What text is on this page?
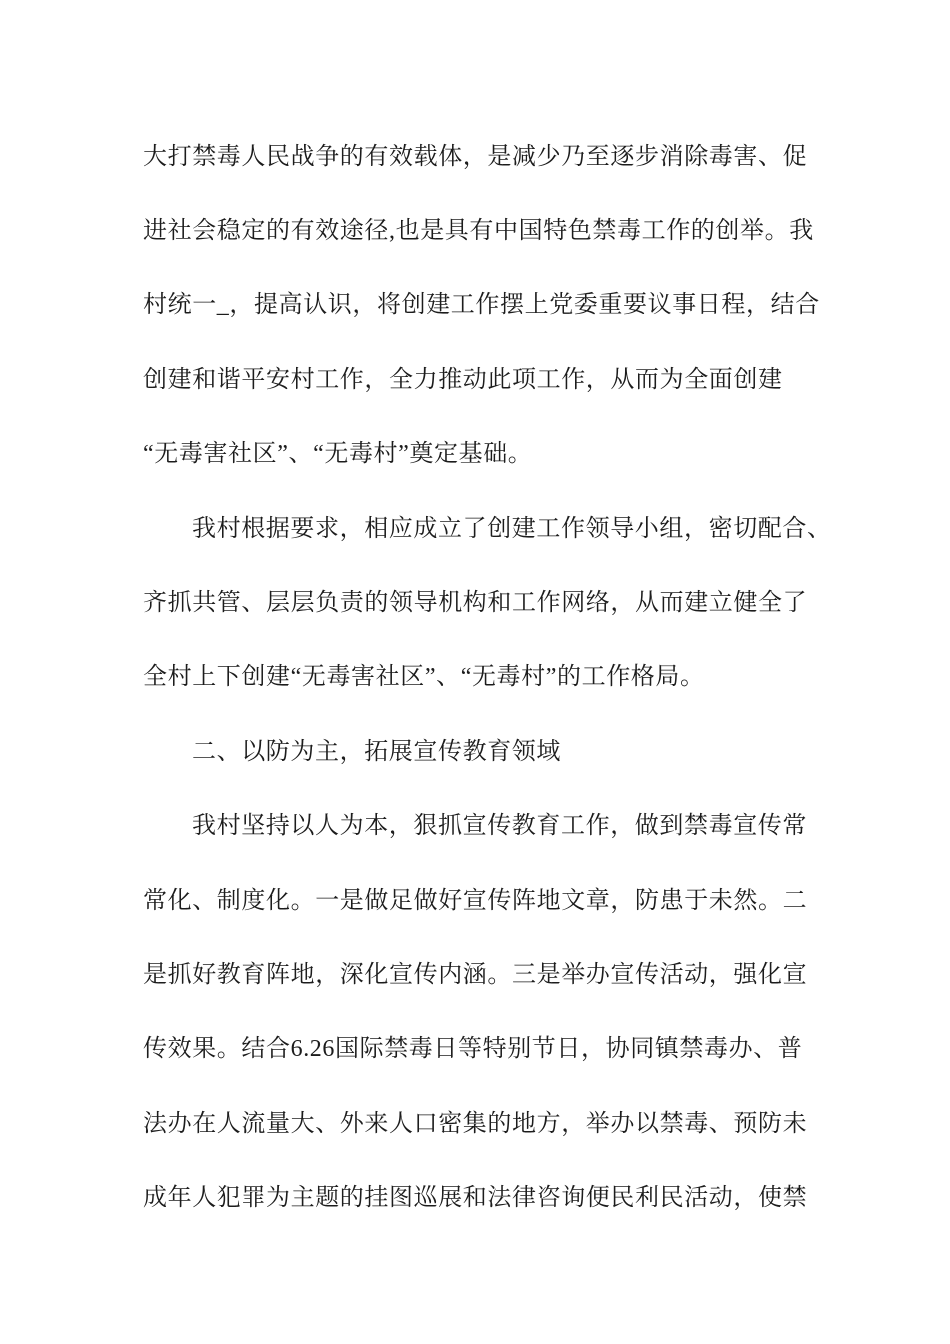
大打禁毒人民战争的有效载体，是减少乃至逐步消除毒害、促
进社会稳定的有效途径,也是具有中国特色禁毒工作的创举。我
村统一_，提高认识，将创建工作摆上党委重要议事日程，结合
创建和谐平安村工作，全力推动此项工作，从而为全面创建
“无毒害社区”、“无毒村”奠定基础。
我村根据要求，相应成立了创建工作领导小组，密切配合、
齐抓共管、层层负责的领导机构和工作网络，从而建立健全了
全村上下创建“无毒害社区”、“无毒村”的工作格局。
二、以防为主，拓展宣传教育领域
我村坚持以人为本，狠抓宣传教育工作，做到禁毒宣传常
常化、制度化。一是做足做好宣传阵地文章，防患于未然。二
是抓好教育阵地，深化宣传内涵。三是举办宣传活动，强化宣
传效果。结合6.26国际禁毒日等特别节日，协同镇禁毒办、普
法办在人流量大、外来人口密集的地方，举办以禁毒、预防未
成年人犯罪为主题的挂图巡展和法律咨询便民利民活动，使禁
